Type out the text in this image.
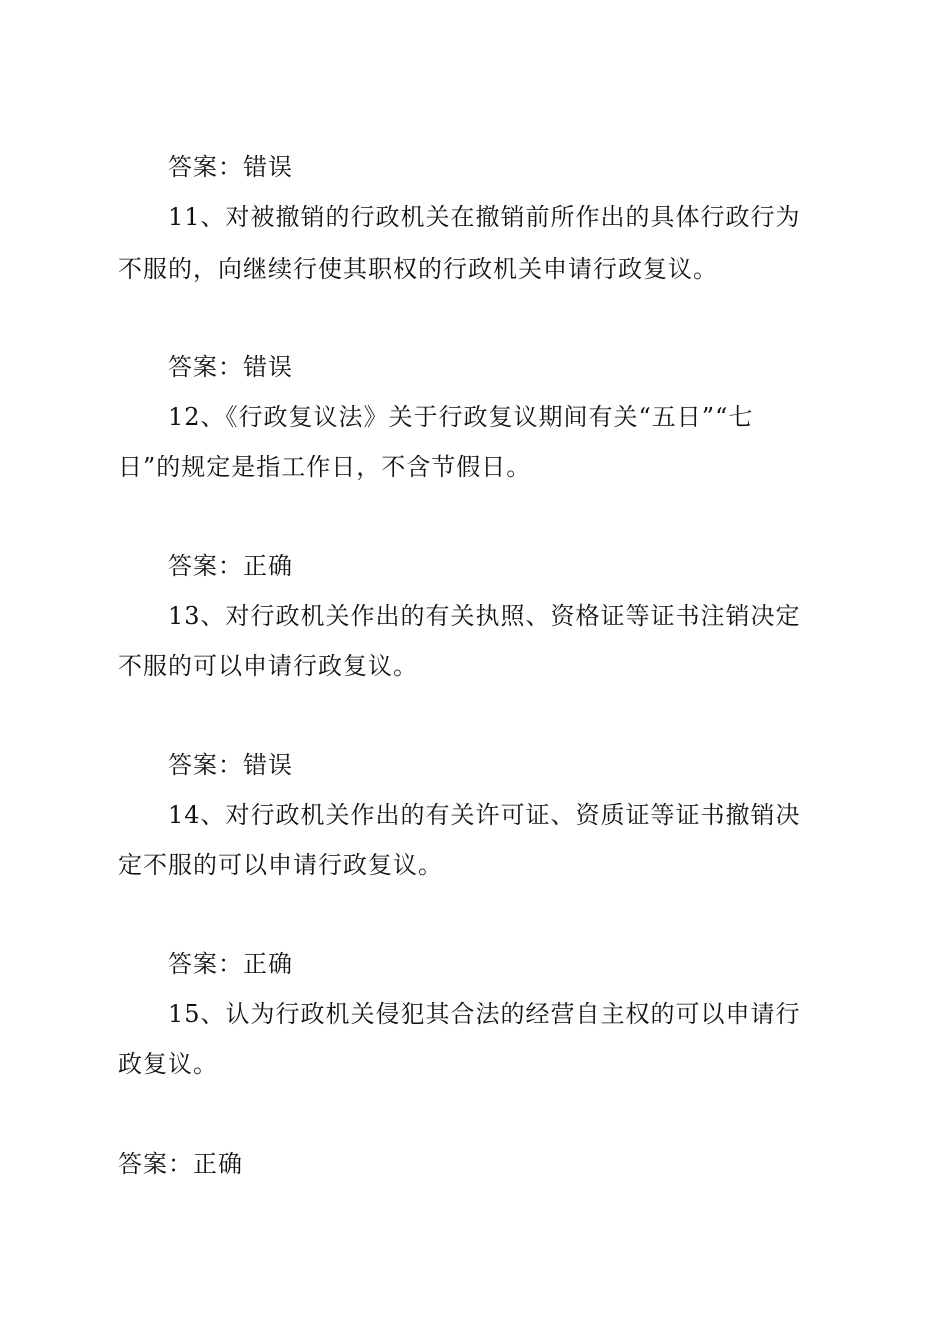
答案：错误
11、对被撤销的行政机关在撤销前所作出的具体行政行为
不服的，向继续行使其职权的行政机关申请行政复议。
答案：错误
12、《行政复议法》关于行政复议期间有关“五日”“七
日”的规定是指工作日，不含节假日。
答案：正确
13、对行政机关作出的有关执照、资格证等证书注销决定
不服的可以申请行政复议。
答案：错误
14、对行政机关作出的有关许可证、资质证等证书撤销决
定不服的可以申请行政复议。
答案：正确
15、认为行政机关侵犯其合法的经营自主权的可以申请行
政复议。
答案：正确
